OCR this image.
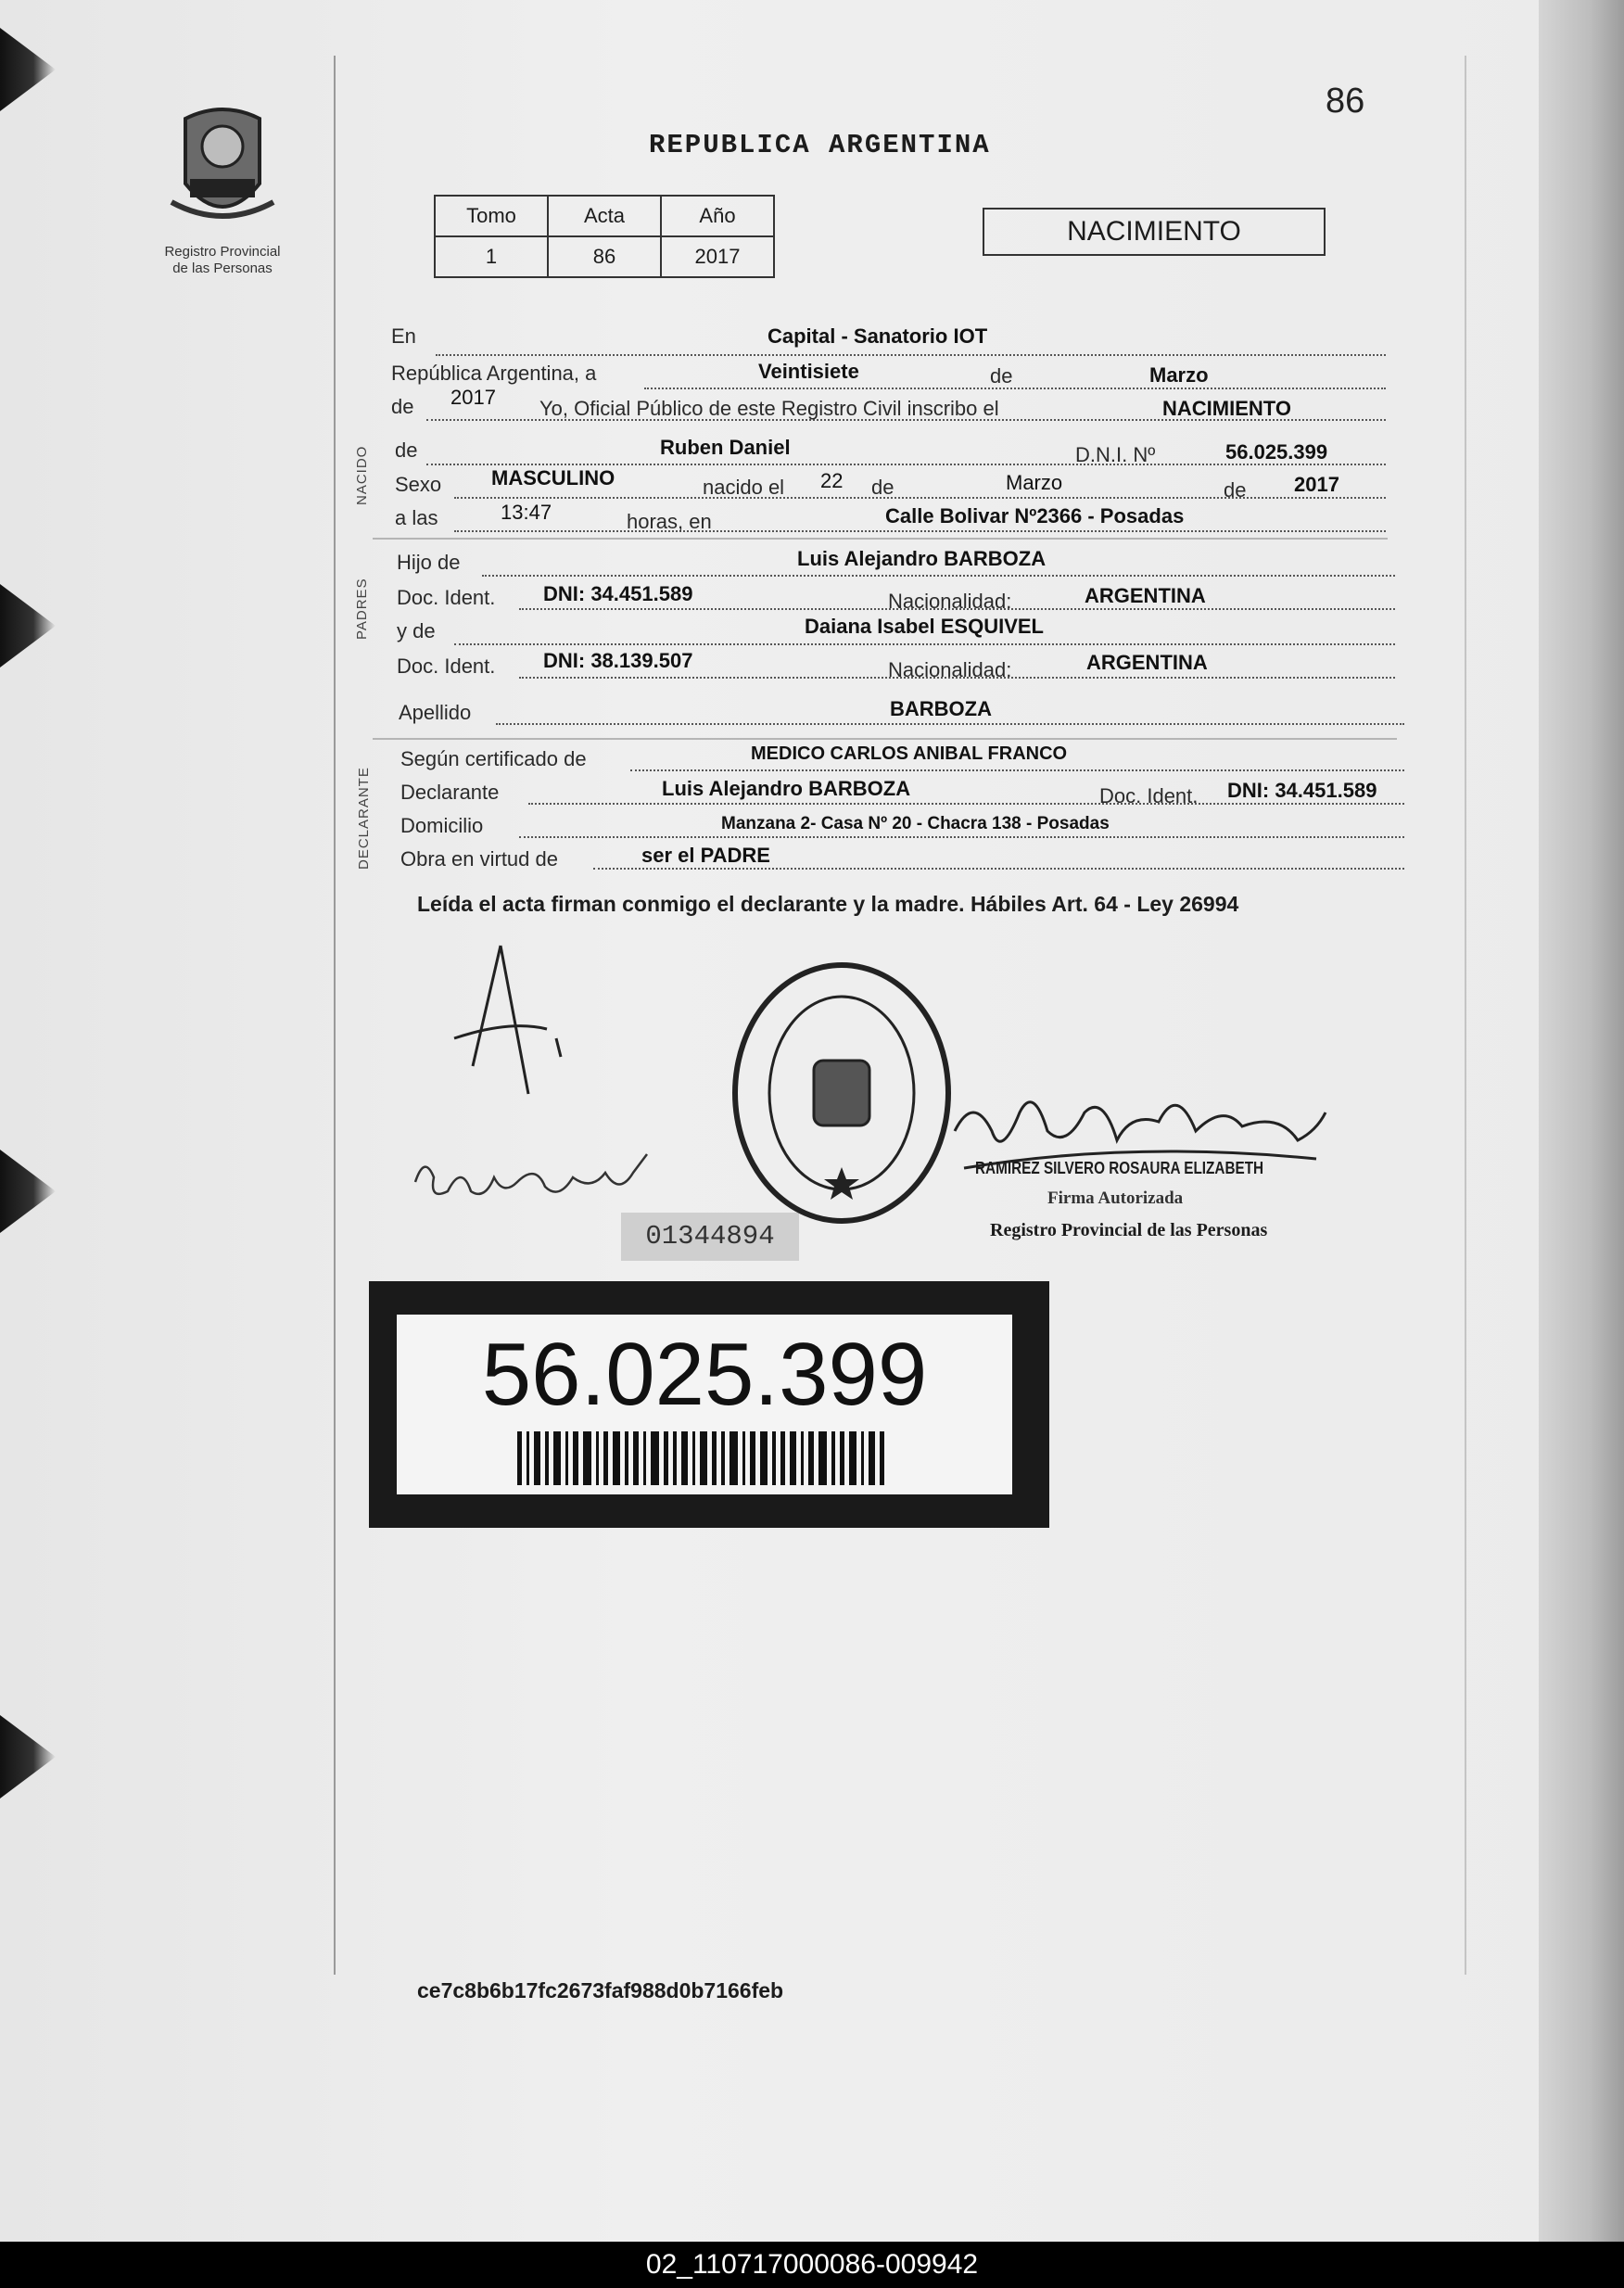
86
Registro Provincial
de las Personas
REPUBLICA ARGENTINA
Tomo	Acta	Año
1	86	2017
NACIMIENTO
En	Capital - Sanatorio IOT
República Argentina, a	Veintisiete	de	Marzo
de 2017 Yo, Oficial Público de este Registro Civil inscribo el	NACIMIENTO
NACIDO de	Ruben Daniel	D.N.I. Nº	56.025.399
Sexo MASCULINO	nacido el 22 de	Marzo	de 2017
a las	13:47	horas, en	Calle Bolivar Nº2366 - Posadas
PADRES
Hijo de	Luis Alejandro BARBOZA
Doc. Ident. DNI: 34.451.589	Nacionalidad:	ARGENTINA
y de	Daiana Isabel ESQUIVEL
Doc. Ident. DNI: 38.139.507	Nacionalidad:	ARGENTINA
Apellido	BARBOZA
DECLARANTE
Según certificado de	MEDICO CARLOS ANIBAL FRANCO
Declarante	Luis Alejandro BARBOZA	Doc. Ident. DNI: 34.451.589
Domicilio	Manzana 2- Casa Nº 20 - Chacra 138 - Posadas
Obra en virtud de	ser el PADRE
Leída el acta firman conmigo el declarante y la madre. Hábiles Art. 64 - Ley 26994
01344894
RAMIREZ SILVERO ROSAURA ELIZABETH
Firma Autorizada
Registro Provincial de las Personas
56.025.399
ce7c8b6b17fc2673faf988d0b7166feb
02_110717000086-009942
